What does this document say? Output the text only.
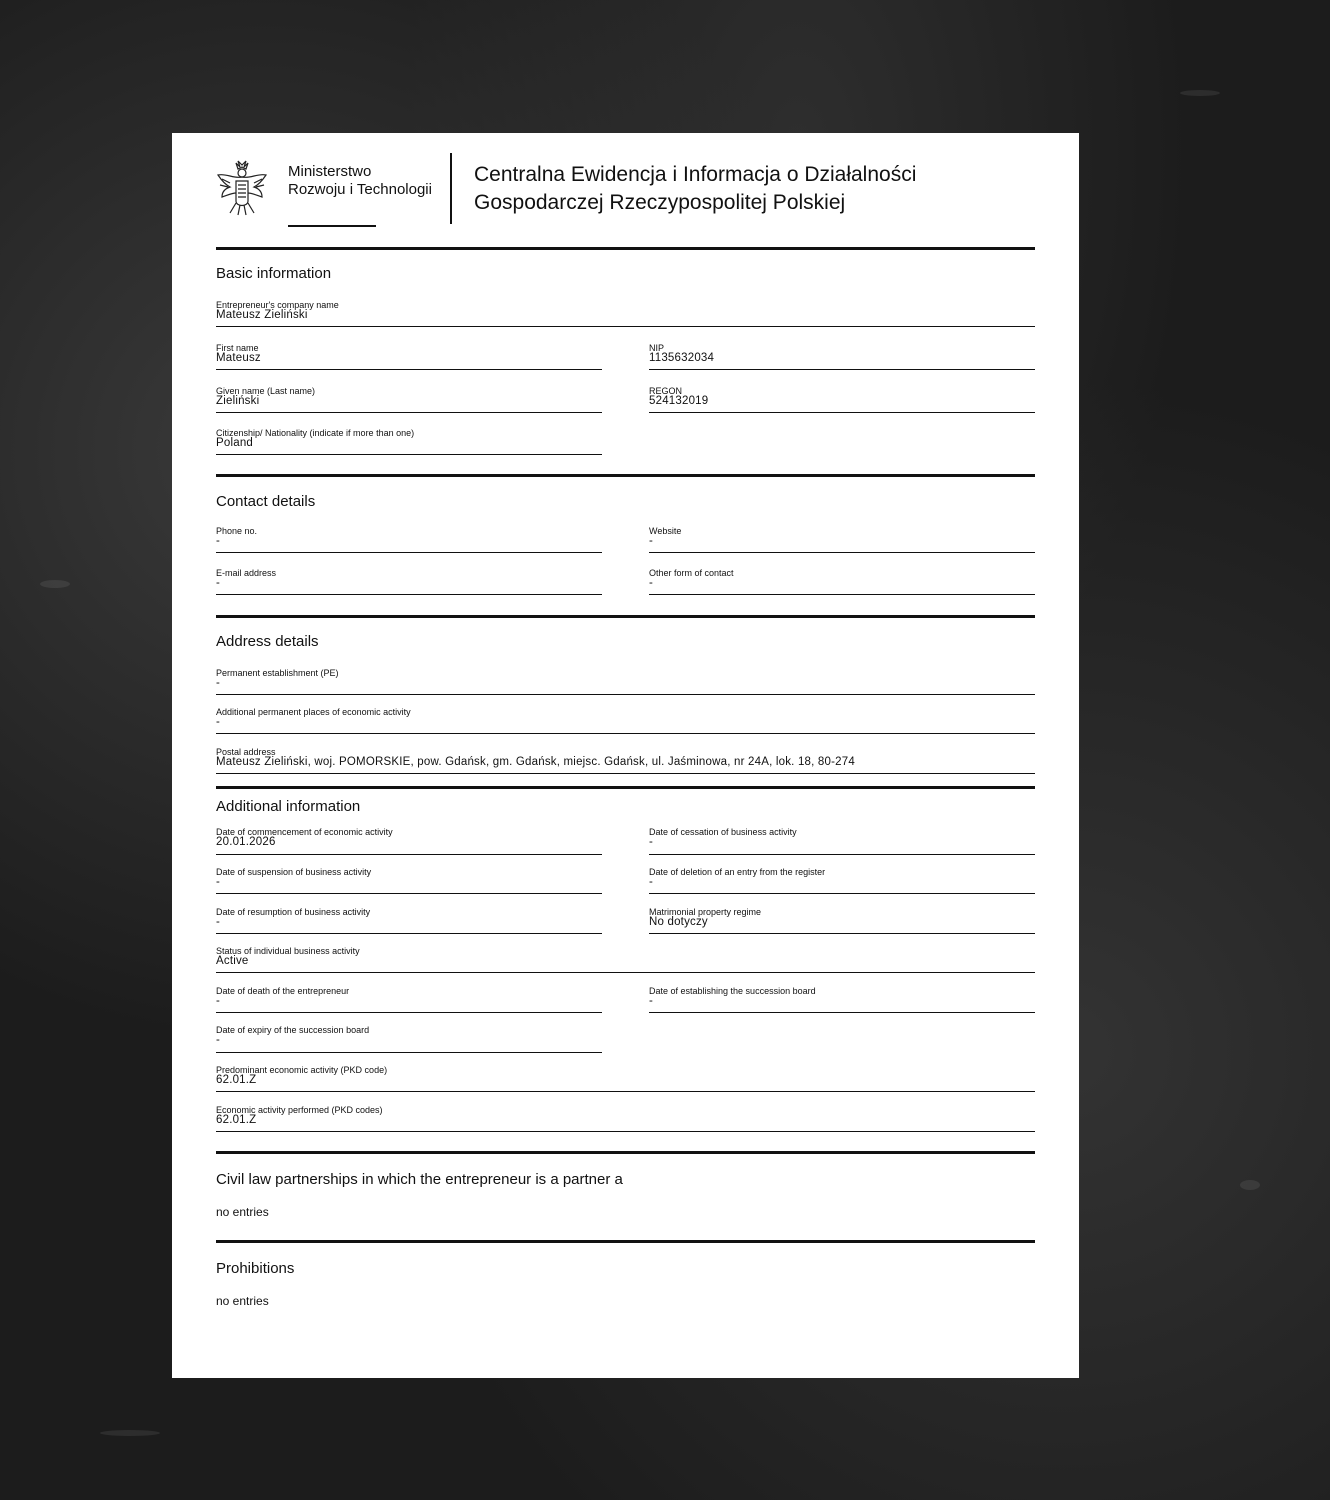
Ministerstwo
Rozwoju i Technologii
Centralna Ewidencja i Informacja o Działalności
Gospodarczej Rzeczypospolitej Polskiej
Basic information
Entrepreneur's company name
Mateusz Zieliński
First name
Mateusz
NIP
1135632034
Given name (Last name)
Zieliński
REGON
524132019
Citizenship/ Nationality (indicate if more than one)
Poland
Contact details
Phone no.
-
Website
-
E-mail address
-
Other form of contact
-
Address details
Permanent establishment (PE)
-
Additional permanent places of economic activity
-
Postal address
Mateusz Zieliński, woj. POMORSKIE, pow. Gdańsk, gm. Gdańsk, miejsc. Gdańsk, ul. Jaśminowa, nr 24A, lok. 18, 80-274
Additional information
Date of commencement of economic activity
20.01.2026
Date of cessation of business activity
-
Date of suspension of business activity
-
Date of deletion of an entry from the register
-
Date of resumption of business activity
-
Matrimonial property regime
No dotyczy
Status of individual business activity
Active
Date of death of the entrepreneur
-
Date of establishing the succession board
-
Date of expiry of the succession board
-
Predominant economic activity (PKD code)
62.01.Z
Economic activity performed (PKD codes)
62.01.Z
Civil law partnerships in which the entrepreneur is a partner a
no entries
Prohibitions
no entries
